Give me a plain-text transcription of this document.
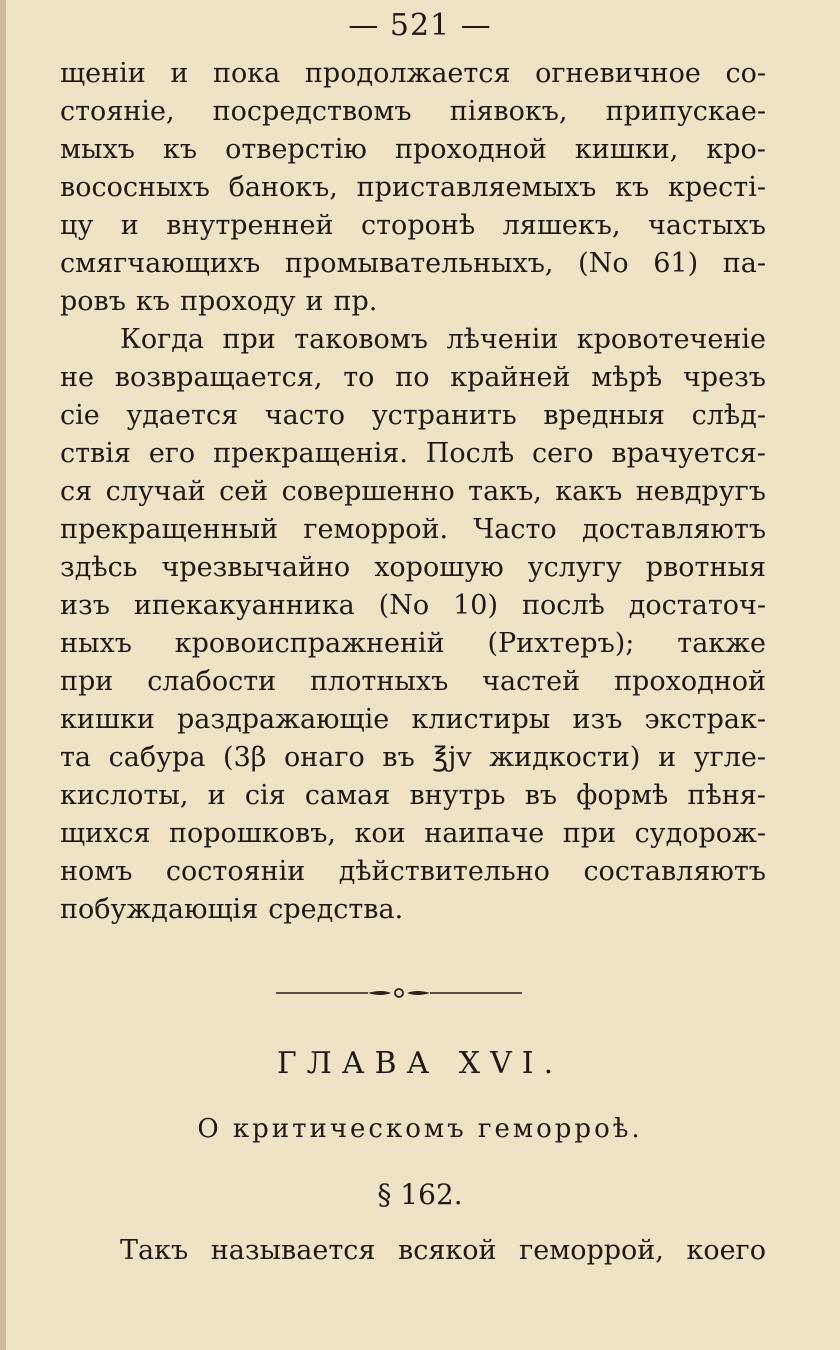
— 521 —
щеніи и пока продолжается огневичное со-
стояніе, посредствомъ піявокъ, припускае-
мыхъ къ отверстію проходной кишки, кро-
вососныхъ банокъ, приставляемыхъ къ кресті-
цу и внутренней сторонѣ ляшекъ, частыхъ
смягчающихъ промывательныхъ, (No 61) па-
ровъ къ проходу и пр.
Когда при таковомъ лѣченіи кровотеченіе
не возвращается, то по крайней мѣрѣ чрезъ
сіе удается часто устранить вредныя слѣд-
ствія его прекращенія. Послѣ сего врачуется-
ся случай сей совершенно такъ, какъ невдругъ
прекращенный геморрой. Часто доставляютъ
здѣсь чрезвычайно хорошую услугу рвотныя
изъ ипекакуанника (No 10) послѣ достаточ-
ныхъ кровоиспражненій (Рихтеръ); также
при слабости плотныхъ частей проходной
кишки раздражающіе клистиры изъ экстрак-
та сабура (3β онаго въ ℥jv жидкости) и угле-
кислоты, и сія самая внутрь въ формѣ пѣня-
щихся порошковъ, кои наипаче при судорож-
номъ состояніи дѣйствительно составляютъ
побуждающія средства.
ГЛАВА XVI.
О критическомъ геморроѣ.
§ 162.
Такъ называется всякой геморрой, коего
